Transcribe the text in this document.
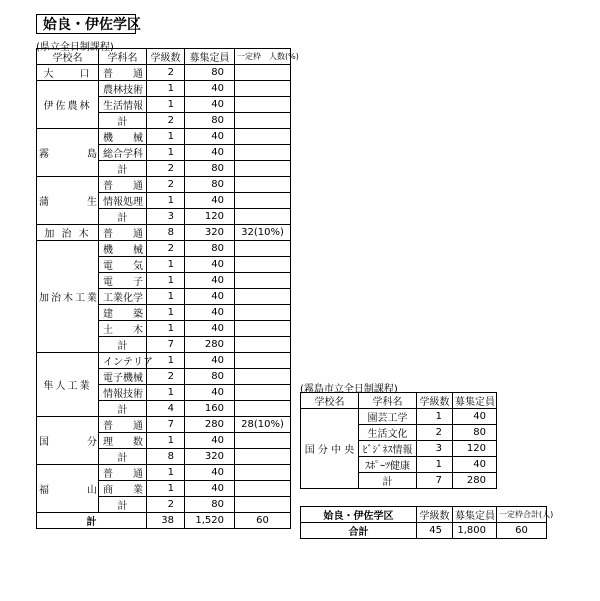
姶良・伊佐学区
(県立全日制課程)
学校名	学科名	学級数	募集定員	一定枠　人数(%)
大　　口	普　　通	2	80	
伊佐農林	農林技術	1	40	
	生活情報	1	40	
	計	2	80	
霧　　　島	機　　械	1	40	
	総合学科	1	40	
	計	2	80	
蒲　　　生	普　　通	2	80	
	情報処理	1	40	
	計	3	120	
加 治 木	普　　通	8	320	32(10%)
加治木工業	機　　械	2	80	
	電　　気	1	40	
	電　　子	1	40	
	工業化学	1	40	
	建　　築	1	40	
	土　　木	1	40	
	計	7	280	
隼人工業	インテリア	1	40	
	電子機械	2	80	
	情報技術	1	40	
	計	4	160	
国　　　分	普　　通	7	280	28(10%)
	理　　数	1	40	
	計	8	320	
福　　　山	普　　通	1	40	
	商　　業	1	40	
	計	2	80	
計		38	1,520	60
(霧島市立全日制課程)
学校名	学科名	学級数	募集定員
国 分 中 央	園芸工学	1	40
	生活文化	2	80
	ﾋﾞｼﾞﾈｽ情報	3	120
	ｽﾎﾟｰﾂ健康	1	40
	計	7	280
姶良・伊佐学区	学級数	募集定員	一定枠合計(人)
合計	45	1,800	60
